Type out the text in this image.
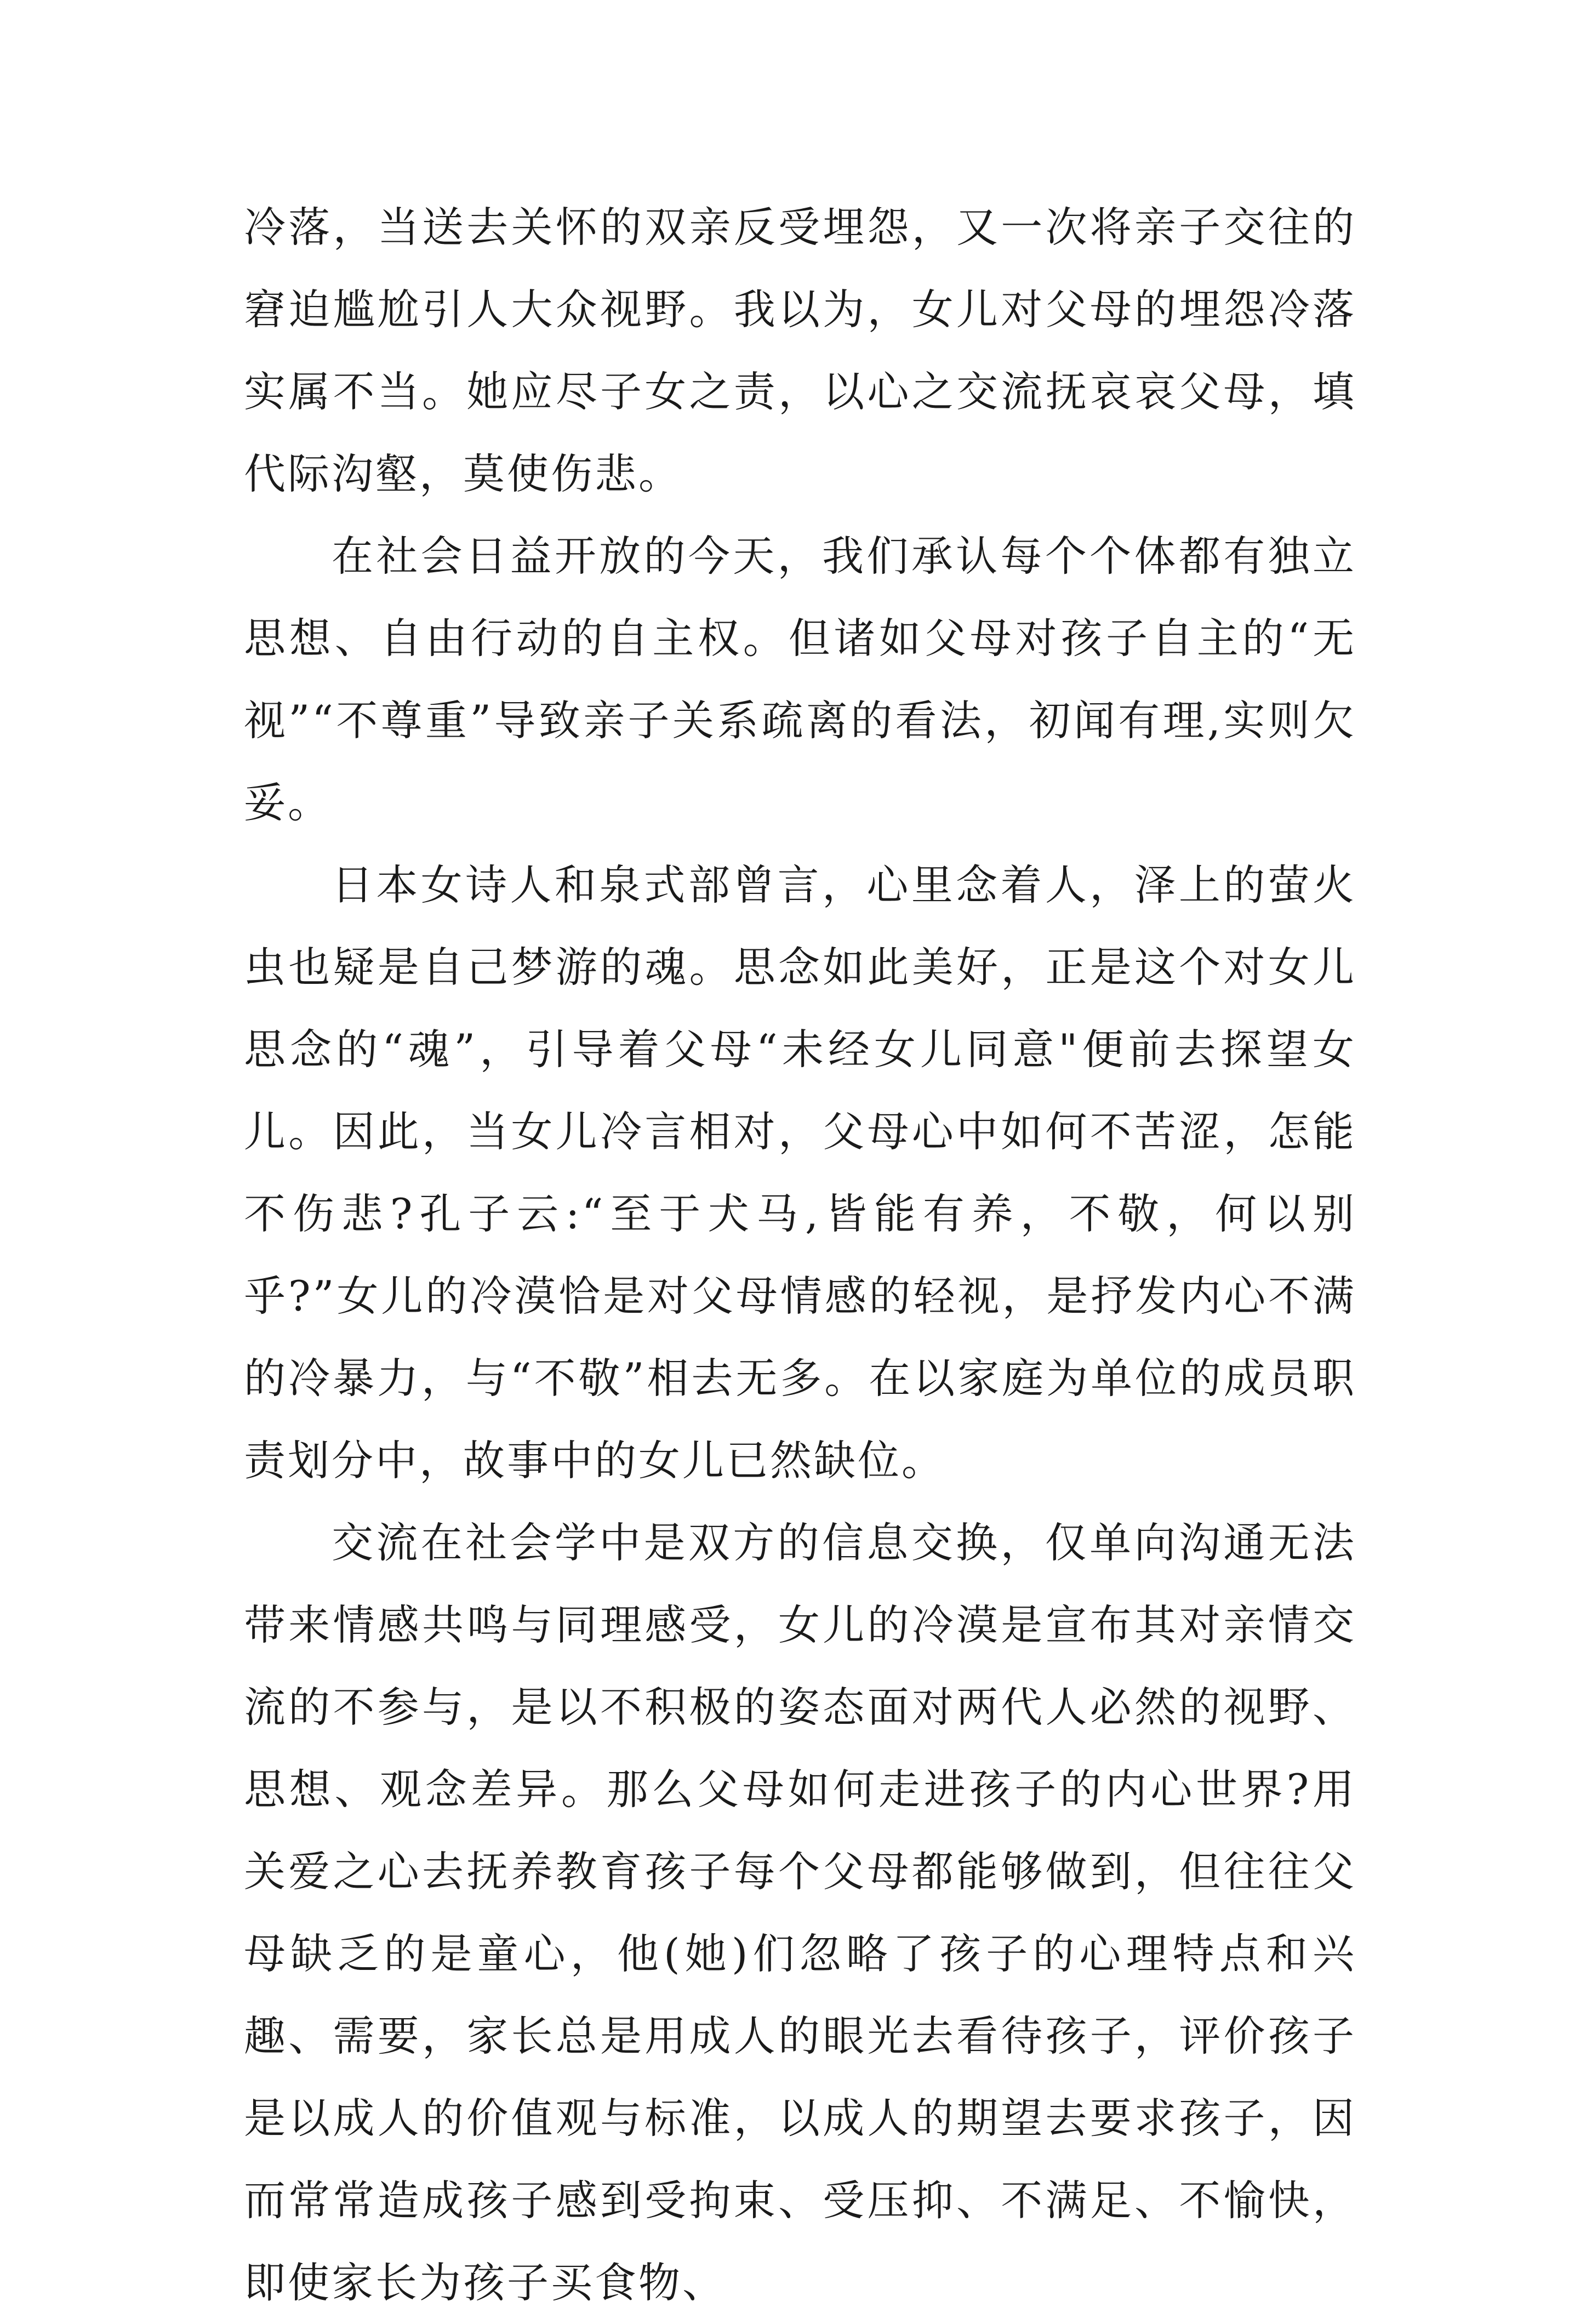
冷落，当送去关怀的双亲反受埋怨，又一次将亲子交往的窘迫尴尬引人大众视野。我以为，女儿对父母的埋怨冷落实属不当。她应尽子女之责，以心之交流抚哀哀父母，填代际沟壑，莫使伤悲。

在社会日益开放的今天，我们承认每个个体都有独立思想、自由行动的自主权。但诸如父母对孩子自主的“无视”“不尊重”导致亲子关系疏离的看法，初闻有理,实则欠妥。

日本女诗人和泉式部曾言，心里念着人，泽上的萤火虫也疑是自己梦游的魂。思念如此美好，正是这个对女儿思念的“魂”，引导着父母“未经女儿同意"便前去探望女儿。因此，当女儿冷言相对，父母心中如何不苦涩，怎能不伤悲?孔子云:“至于犬马,皆能有养，不敬，何以别乎?”女儿的冷漠恰是对父母情感的轻视，是抒发内心不满的冷暴力，与“不敬”相去无多。在以家庭为单位的成员职责划分中，故事中的女儿已然缺位。

交流在社会学中是双方的信息交换，仅单向沟通无法带来情感共鸣与同理感受，女儿的冷漠是宣布其对亲情交流的不参与，是以不积极的姿态面对两代人必然的视野、思想、观念差异。那么父母如何走进孩子的内心世界?用关爱之心去抚养教育孩子每个父母都能够做到，但往往父母缺乏的是童心，他(她)们忽略了孩子的心理特点和兴趣、需要，家长总是用成人的眼光去看待孩子，评价孩子是以成人的价值观与标准，以成人的期望去要求孩子，因而常常造成孩子感到受拘束、受压抑、不满足、不愉快，即使家长为孩子买食物、
